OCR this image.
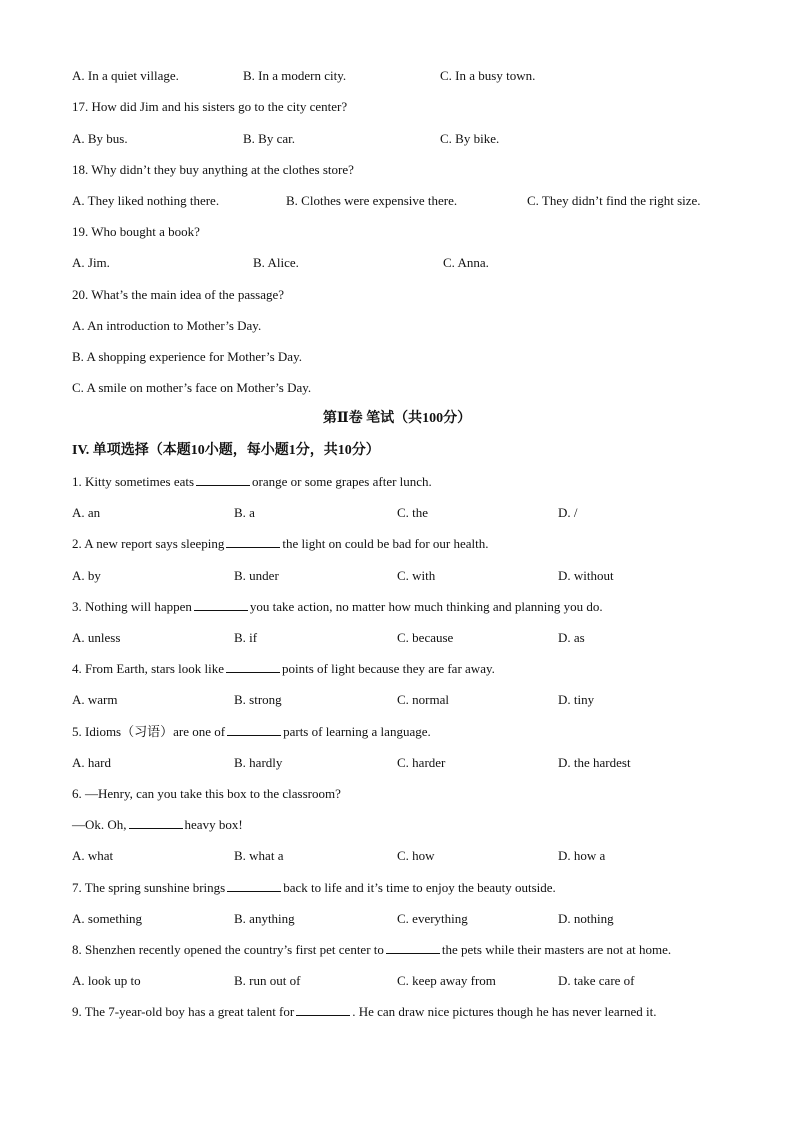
A. In a quiet village.	B. In a modern city.	C. In a busy town.
17. How did Jim and his sisters go to the city center?
A. By bus.	B. By car.	C. By bike.
18. Why didn’t they buy anything at the clothes store?
A. They liked nothing there.	B. Clothes were expensive there.	C. They didn’t find the right size.
19. Who bought a book?
A. Jim.	B. Alice.	C. Anna.
20. What’s the main idea of the passage?
A. An introduction to Mother’s Day.
B. A shopping experience for Mother’s Day.
C. A smile on mother’s face on Mother’s Day.
第Ⅱ卷 笔试（共100分）
IV. 单项选择（本题10小题，每小题1分，共10分）
1. Kitty sometimes eats	orange or some grapes after lunch.
A. an	B. a	C. the	D. /
2. A new report says sleeping	the light on could be bad for our health.
A. by	B. under	C. with	D. without
3. Nothing will happen	you take action, no matter how much thinking and planning you do.
A. unless	B. if	C. because	D. as
4. From Earth, stars look like	points of light because they are far away.
A. warm	B. strong	C. normal	D. tiny
5. Idioms（习语）are one of	parts of learning a language.
A. hard	B. hardly	C. harder	D. the hardest
6. —Henry, can you take this box to the classroom?
—Ok. Oh,	heavy box!
A. what	B. what a	C. how	D. how a
7. The spring sunshine brings	back to life and it’s time to enjoy the beauty outside.
A. something	B. anything	C. everything	D. nothing
8. Shenzhen recently opened the country’s first pet center to	the pets while their masters are not at home.
A. look up to	B. run out of	C. keep away from	D. take care of
9. The 7-year-old boy has a great talent for	. He can draw nice pictures though he has never learned it.
